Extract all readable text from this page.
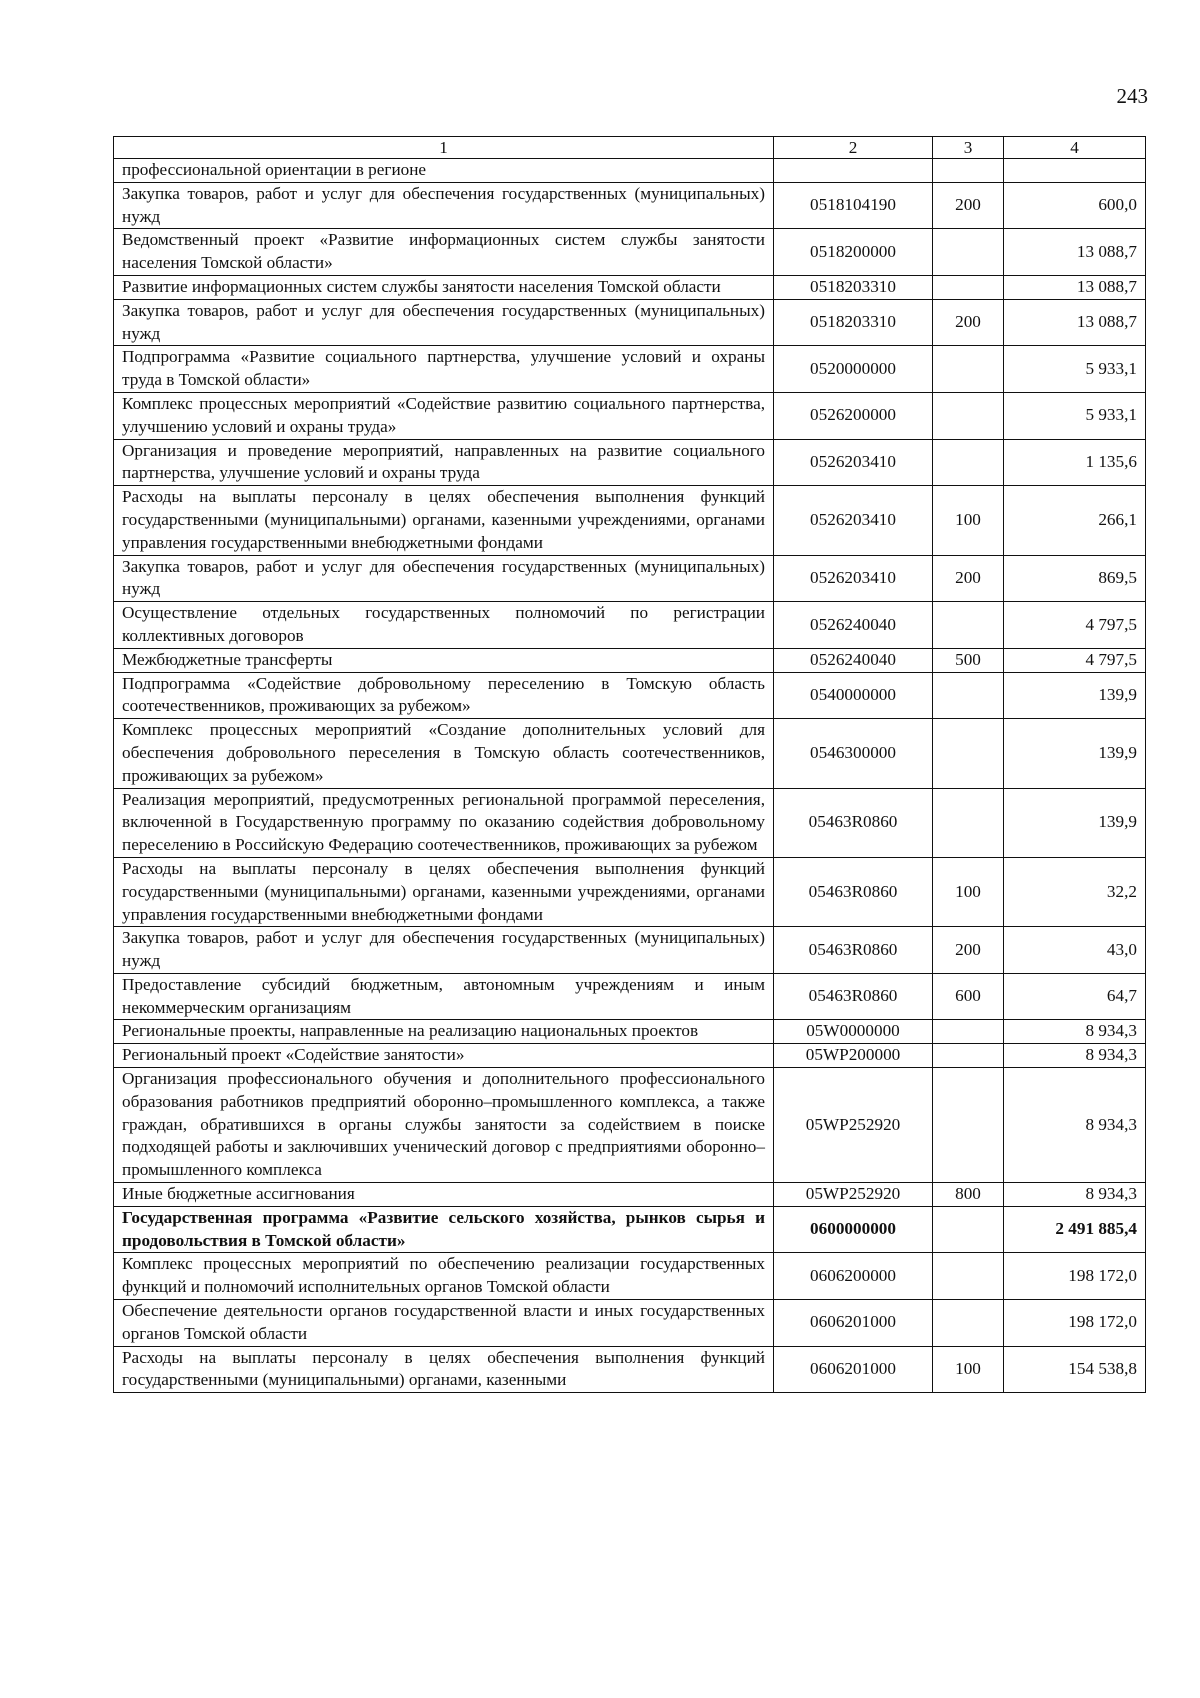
243
1	2	3	4
профессиональной ориентации в регионе			
Закупка товаров, работ и услуг для обеспечения государственных (муниципальных) нужд	0518104190	200	600,0
Ведомственный проект «Развитие информационных систем службы занятости населения Томской области»	0518200000		13 088,7
Развитие информационных систем службы занятости населения Томской области	0518203310		13 088,7
Закупка товаров, работ и услуг для обеспечения государственных (муниципальных) нужд	0518203310	200	13 088,7
Подпрограмма «Развитие социального партнерства, улучшение условий и охраны труда в Томской области»	0520000000		5 933,1
Комплекс процессных мероприятий «Содействие развитию социального партнерства, улучшению условий и охраны труда»	0526200000		5 933,1
Организация и проведение мероприятий, направленных на развитие социального партнерства, улучшение условий и охраны труда	0526203410		1 135,6
Расходы на выплаты персоналу в целях обеспечения выполнения функций государственными (муниципальными) органами, казенными учреждениями, органами управления государственными внебюджетными фондами	0526203410	100	266,1
Закупка товаров, работ и услуг для обеспечения государственных (муниципальных) нужд	0526203410	200	869,5
Осуществление отдельных государственных полномочий по регистрации коллективных договоров	0526240040		4 797,5
Межбюджетные трансферты	0526240040	500	4 797,5
Подпрограмма «Содействие добровольному переселению в Томскую область соотечественников, проживающих за рубежом»	0540000000		139,9
Комплекс процессных мероприятий «Создание дополнительных условий для обеспечения добровольного переселения в Томскую область соотечественников, проживающих за рубежом»	0546300000		139,9
Реализация мероприятий, предусмотренных региональной программой переселения, включенной в Государственную программу по оказанию содействия добровольному переселению в Российскую Федерацию соотечественников, проживающих за рубежом	05463R0860		139,9
Расходы на выплаты персоналу в целях обеспечения выполнения функций государственными (муниципальными) органами, казенными учреждениями, органами управления государственными внебюджетными фондами	05463R0860	100	32,2
Закупка товаров, работ и услуг для обеспечения государственных (муниципальных) нужд	05463R0860	200	43,0
Предоставление субсидий бюджетным, автономным учреждениям и иным некоммерческим организациям	05463R0860	600	64,7
Региональные проекты, направленные на реализацию национальных проектов	05W0000000		8 934,3
Региональный проект «Содействие занятости»	05WP200000		8 934,3
Организация профессионального обучения и дополнительного профессионального образования работников предприятий оборонно–промышленного комплекса, а также граждан, обратившихся в органы службы занятости за содействием в поиске подходящей работы и заключивших ученический договор с предприятиями оборонно–промышленного комплекса	05WP252920		8 934,3
Иные бюджетные ассигнования	05WP252920	800	8 934,3
Государственная программа «Развитие сельского хозяйства, рынков сырья и продовольствия в Томской области»	0600000000		2 491 885,4
Комплекс процессных мероприятий по обеспечению реализации государственных функций и полномочий исполнительных органов Томской области	0606200000		198 172,0
Обеспечение деятельности органов государственной власти и иных государственных органов Томской области	0606201000		198 172,0
Расходы на выплаты персоналу в целях обеспечения выполнения функций государственными (муниципальными) органами, казенными	0606201000	100	154 538,8
